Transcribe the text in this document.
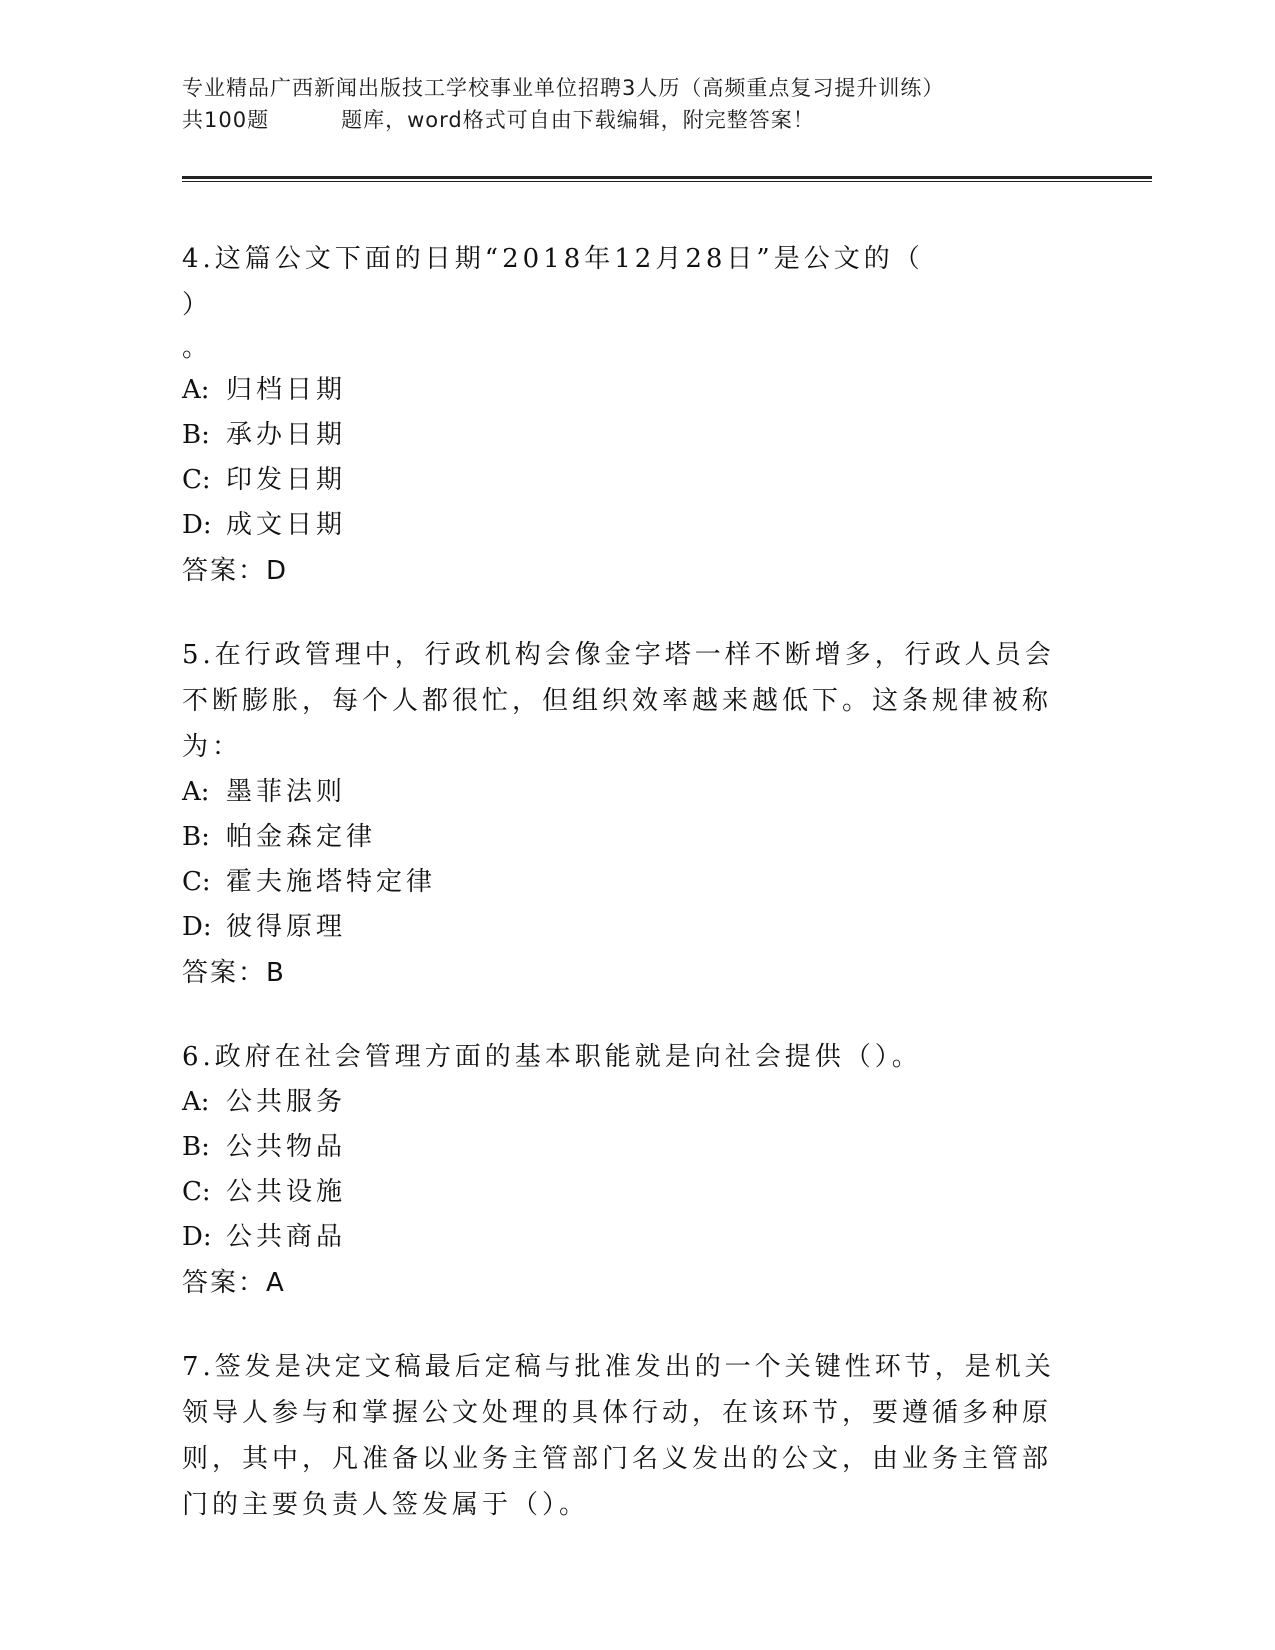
专业精品广西新闻出版技工学校事业单位招聘3人历（高频重点复习提升训练）
共100题	题库，word格式可自由下载编辑，附完整答案！

4.这篇公文下面的日期“2018年12月28日”是公文的（）

。

A: 归档日期

B: 承办日期

C: 印发日期

D: 成文日期

答案：D

5.在行政管理中，行政机构会像金字塔一样不断增多，行政人员会不断膨胀，每个人都很忙，但组织效率越来越低下。这条规律被称为：

A: 墨菲法则

B: 帕金森定律

C: 霍夫施塔特定律

D: 彼得原理

答案：B

6.政府在社会管理方面的基本职能就是向社会提供（）。

A: 公共服务

B: 公共物品

C: 公共设施

D: 公共商品

答案：A

7.签发是决定文稿最后定稿与批准发出的一个关键性环节，是机关领导人参与和掌握公文处理的具体行动，在该环节，要遵循多种原则，其中，凡准备以业务主管部门名义发出的公文，由业务主管部门的主要负责人签发属于（）。
